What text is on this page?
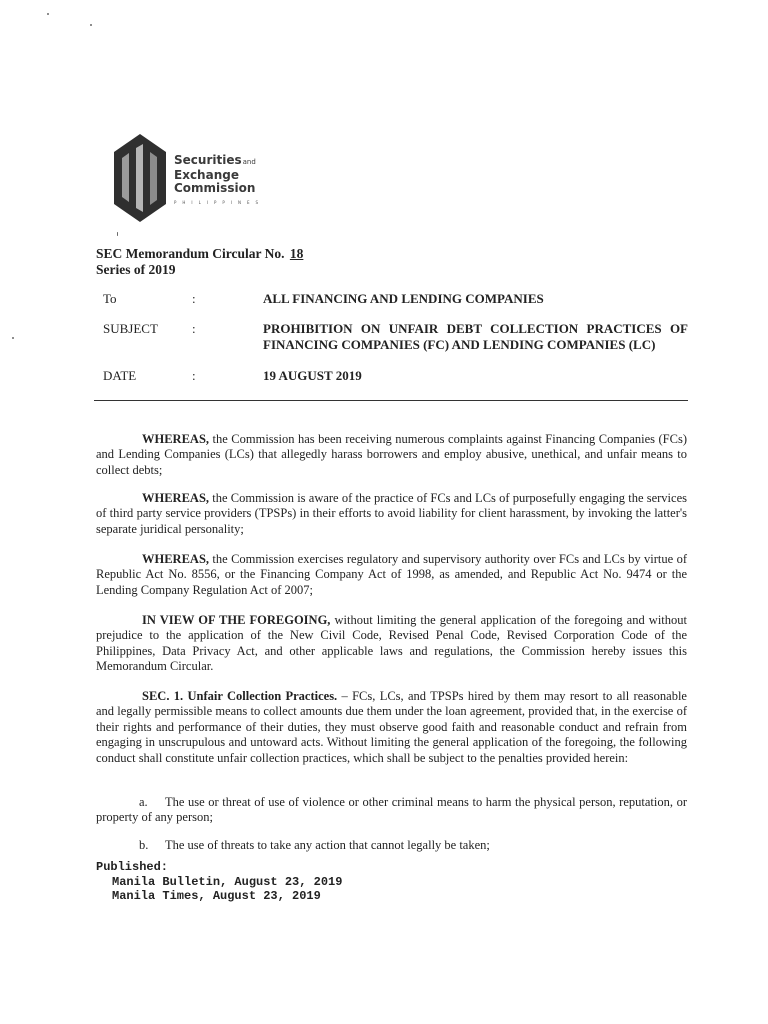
Securitiesand
Exchange
Commission
PHILIPPINES
SEC Memorandum Circular No. 18
Series of 2019
To	:	ALL FINANCING AND LENDING COMPANIES
SUBJECT	:	PROHIBITION ON UNFAIR DEBT COLLECTION PRACTICES OF FINANCING COMPANIES (FC) AND LENDING COMPANIES (LC)
DATE	:	19 AUGUST 2019

WHEREAS, the Commission has been receiving numerous complaints against Financing Companies (FCs) and Lending Companies (LCs) that allegedly harass borrowers and employ abusive, unethical, and unfair means to collect debts;

WHEREAS, the Commission is aware of the practice of FCs and LCs of purposefully engaging the services of third party service providers (TPSPs) in their efforts to avoid liability for client harassment, by invoking the latter's separate juridical personality;

WHEREAS, the Commission exercises regulatory and supervisory authority over FCs and LCs by virtue of Republic Act No. 8556, or the Financing Company Act of 1998, as amended, and Republic Act No. 9474 or the Lending Company Regulation Act of 2007;

IN VIEW OF THE FOREGOING, without limiting the general application of the foregoing and without prejudice to the application of the New Civil Code, Revised Penal Code, Revised Corporation Code of the Philippines, Data Privacy Act, and other applicable laws and regulations, the Commission hereby issues this Memorandum Circular.

SEC. 1. Unfair Collection Practices. – FCs, LCs, and TPSPs hired by them may resort to all reasonable and legally permissible means to collect amounts due them under the loan agreement, provided that, in the exercise of their rights and performance of their duties, they must observe good faith and reasonable conduct and refrain from engaging in unscrupulous and untoward acts. Without limiting the general application of the foregoing, the following conduct shall constitute unfair collection practices, which shall be subject to the penalties provided herein:

a. The use or threat of use of violence or other criminal means to harm the physical person, reputation, or property of any person;

b. The use of threats to take any action that cannot legally be taken;

Published:
Manila Bulletin, August 23, 2019
Manila Times, August 23, 2019
